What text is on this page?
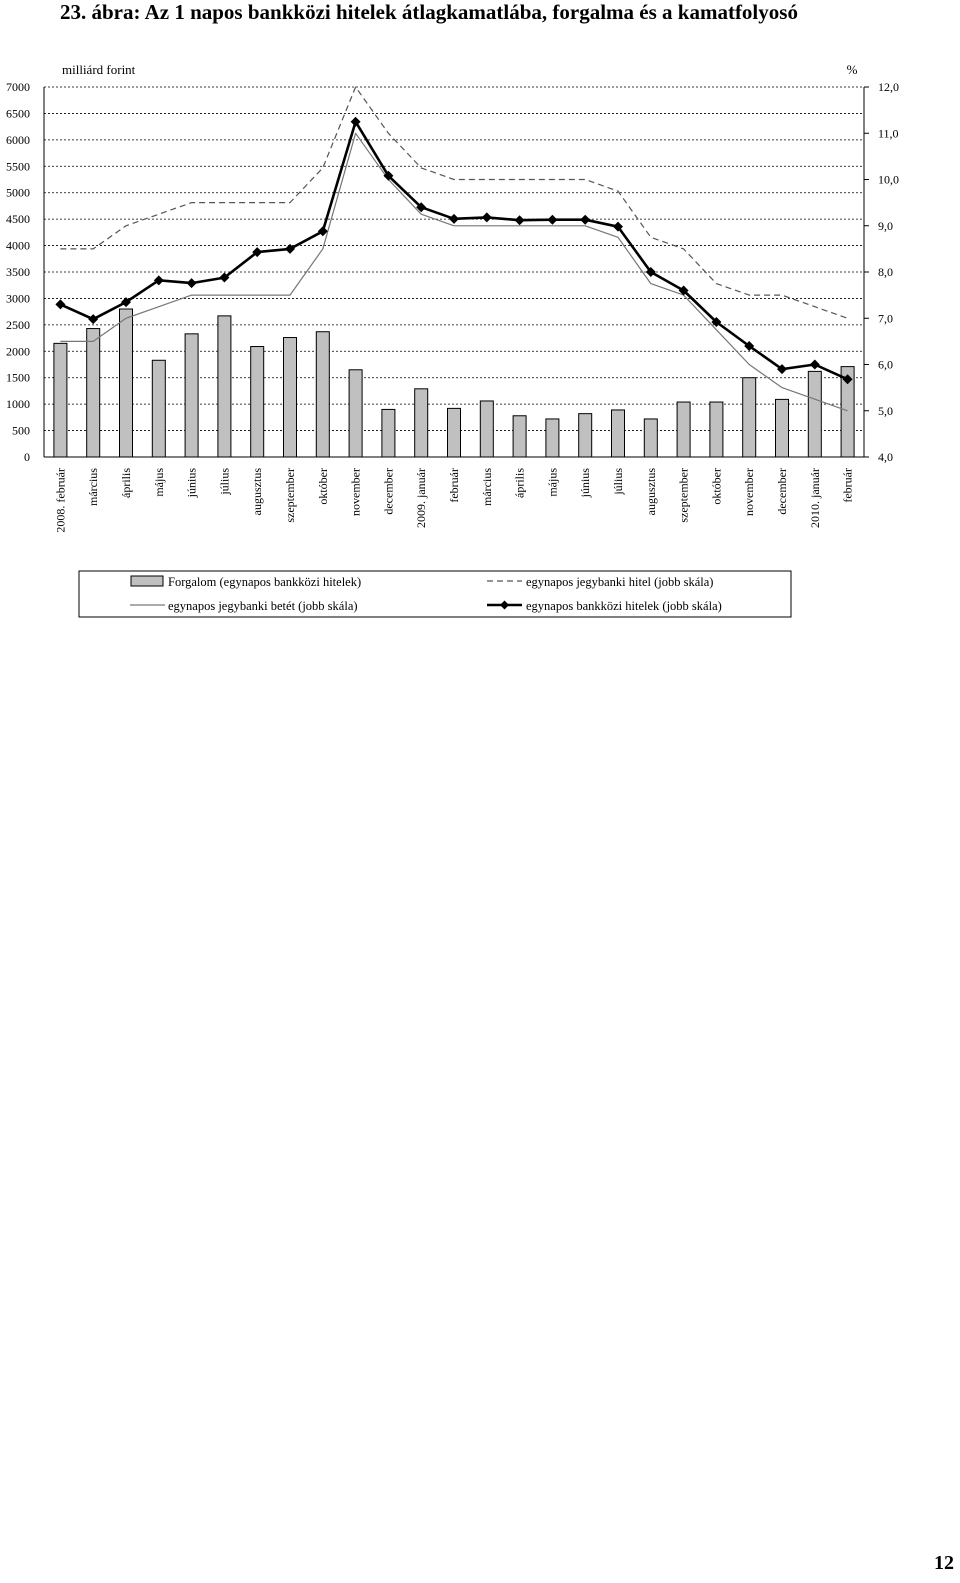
23. ábra: Az 1 napos bankközi hitelek átlagkamatlába, forgalma és a kamatfolyosó
0
500
1000
1500
2000
2500
3000
3500
4000
4500
5000
5500
6000
6500
7000
4,0
5,0
6,0
7,0
8,0
9,0
10,0
11,0
12,0
2008. február március április május június július augusztus szeptember október november december 2009. január február március április május június július augusztus szeptember október november december 2010. január február
milliárd forint	%
Forgalom (egynapos bankközi hitelek)	egynapos jegybanki hitel (jobb skála)
egynapos jegybanki betét (jobb skála)	egynapos bankközi hitelek (jobb skála)
12
